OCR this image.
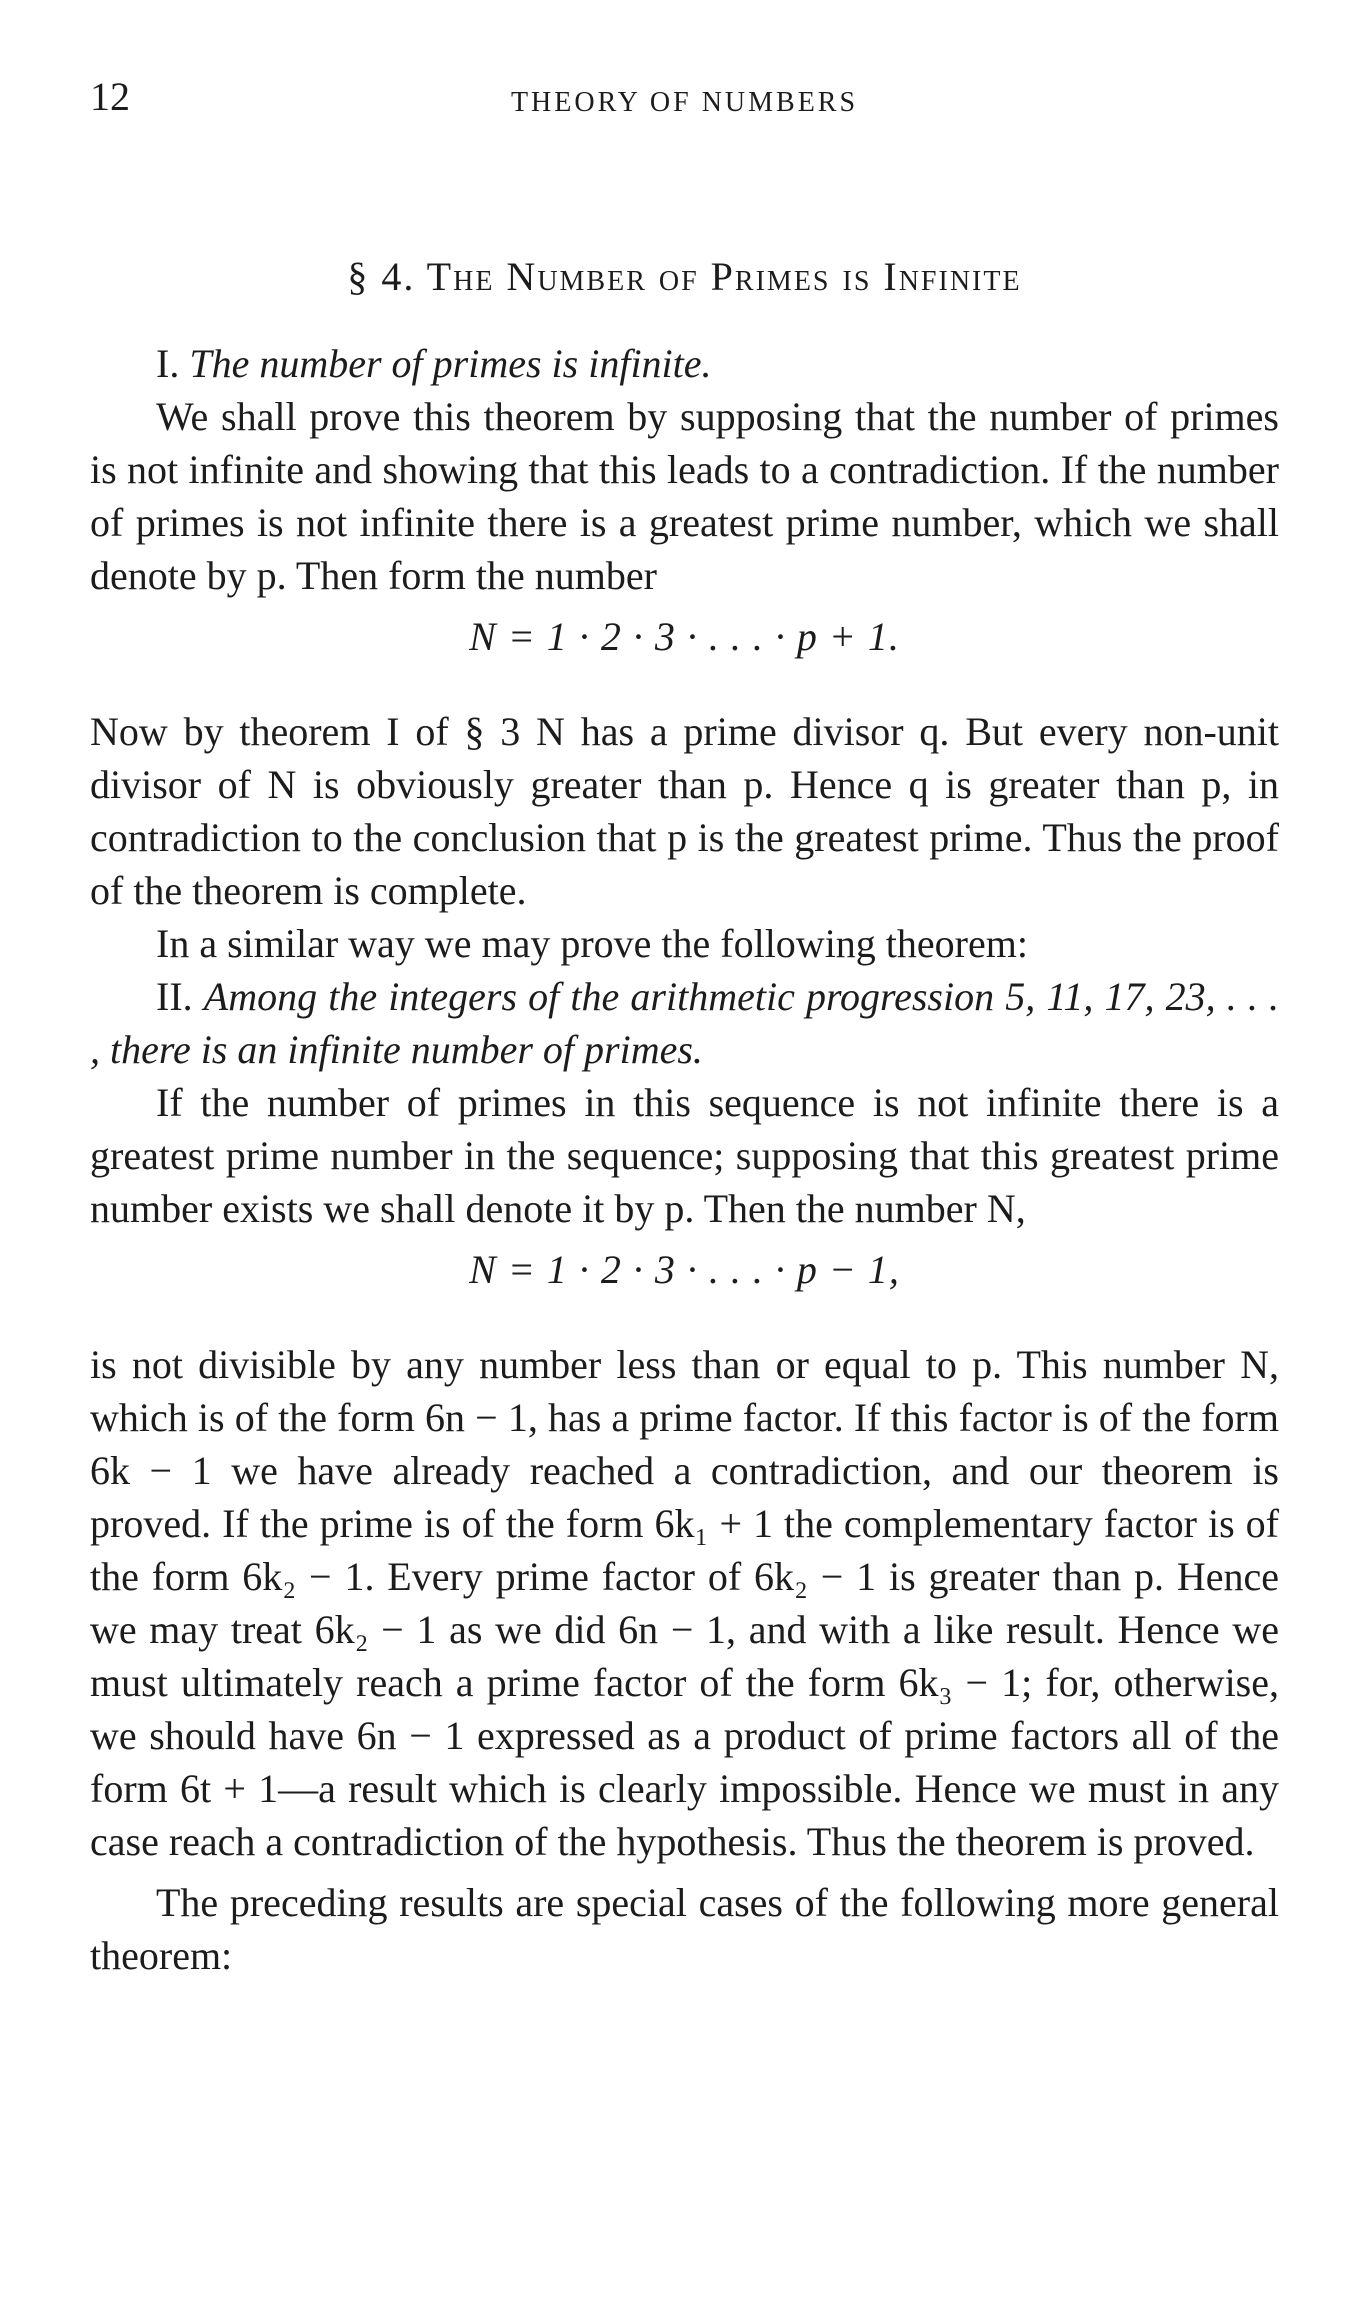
12	THEORY OF NUMBERS
§ 4. The Number of Primes is Infinite

I. The number of primes is infinite.

We shall prove this theorem by supposing that the number of primes is not infinite and showing that this leads to a contradiction. If the number of primes is not infinite there is a greatest prime number, which we shall denote by p. Then form the number

N = 1 · 2 · 3 · . . . · p + 1.

Now by theorem I of § 3 N has a prime divisor q. But every non-unit divisor of N is obviously greater than p. Hence q is greater than p, in contradiction to the conclusion that p is the greatest prime. Thus the proof of the theorem is complete.

In a similar way we may prove the following theorem:

II. Among the integers of the arithmetic progression 5, 11, 17, 23, . . . , there is an infinite number of primes.

If the number of primes in this sequence is not infinite there is a greatest prime number in the sequence; supposing that this greatest prime number exists we shall denote it by p. Then the number N,

N = 1 · 2 · 3 · . . . · p − 1,

is not divisible by any number less than or equal to p. This number N, which is of the form 6n − 1, has a prime factor. If this factor is of the form 6k − 1 we have already reached a contradiction, and our theorem is proved. If the prime is of the form 6k₁ + 1 the complementary factor is of the form 6k₂ − 1. Every prime factor of 6k₂ − 1 is greater than p. Hence we may treat 6k₂ − 1 as we did 6n − 1, and with a like result. Hence we must ultimately reach a prime factor of the form 6k₃ − 1; for, otherwise, we should have 6n − 1 expressed as a product of prime factors all of the form 6t + 1—a result which is clearly impossible. Hence we must in any case reach a contradiction of the hypothesis. Thus the theorem is proved.

The preceding results are special cases of the following more general theorem:
